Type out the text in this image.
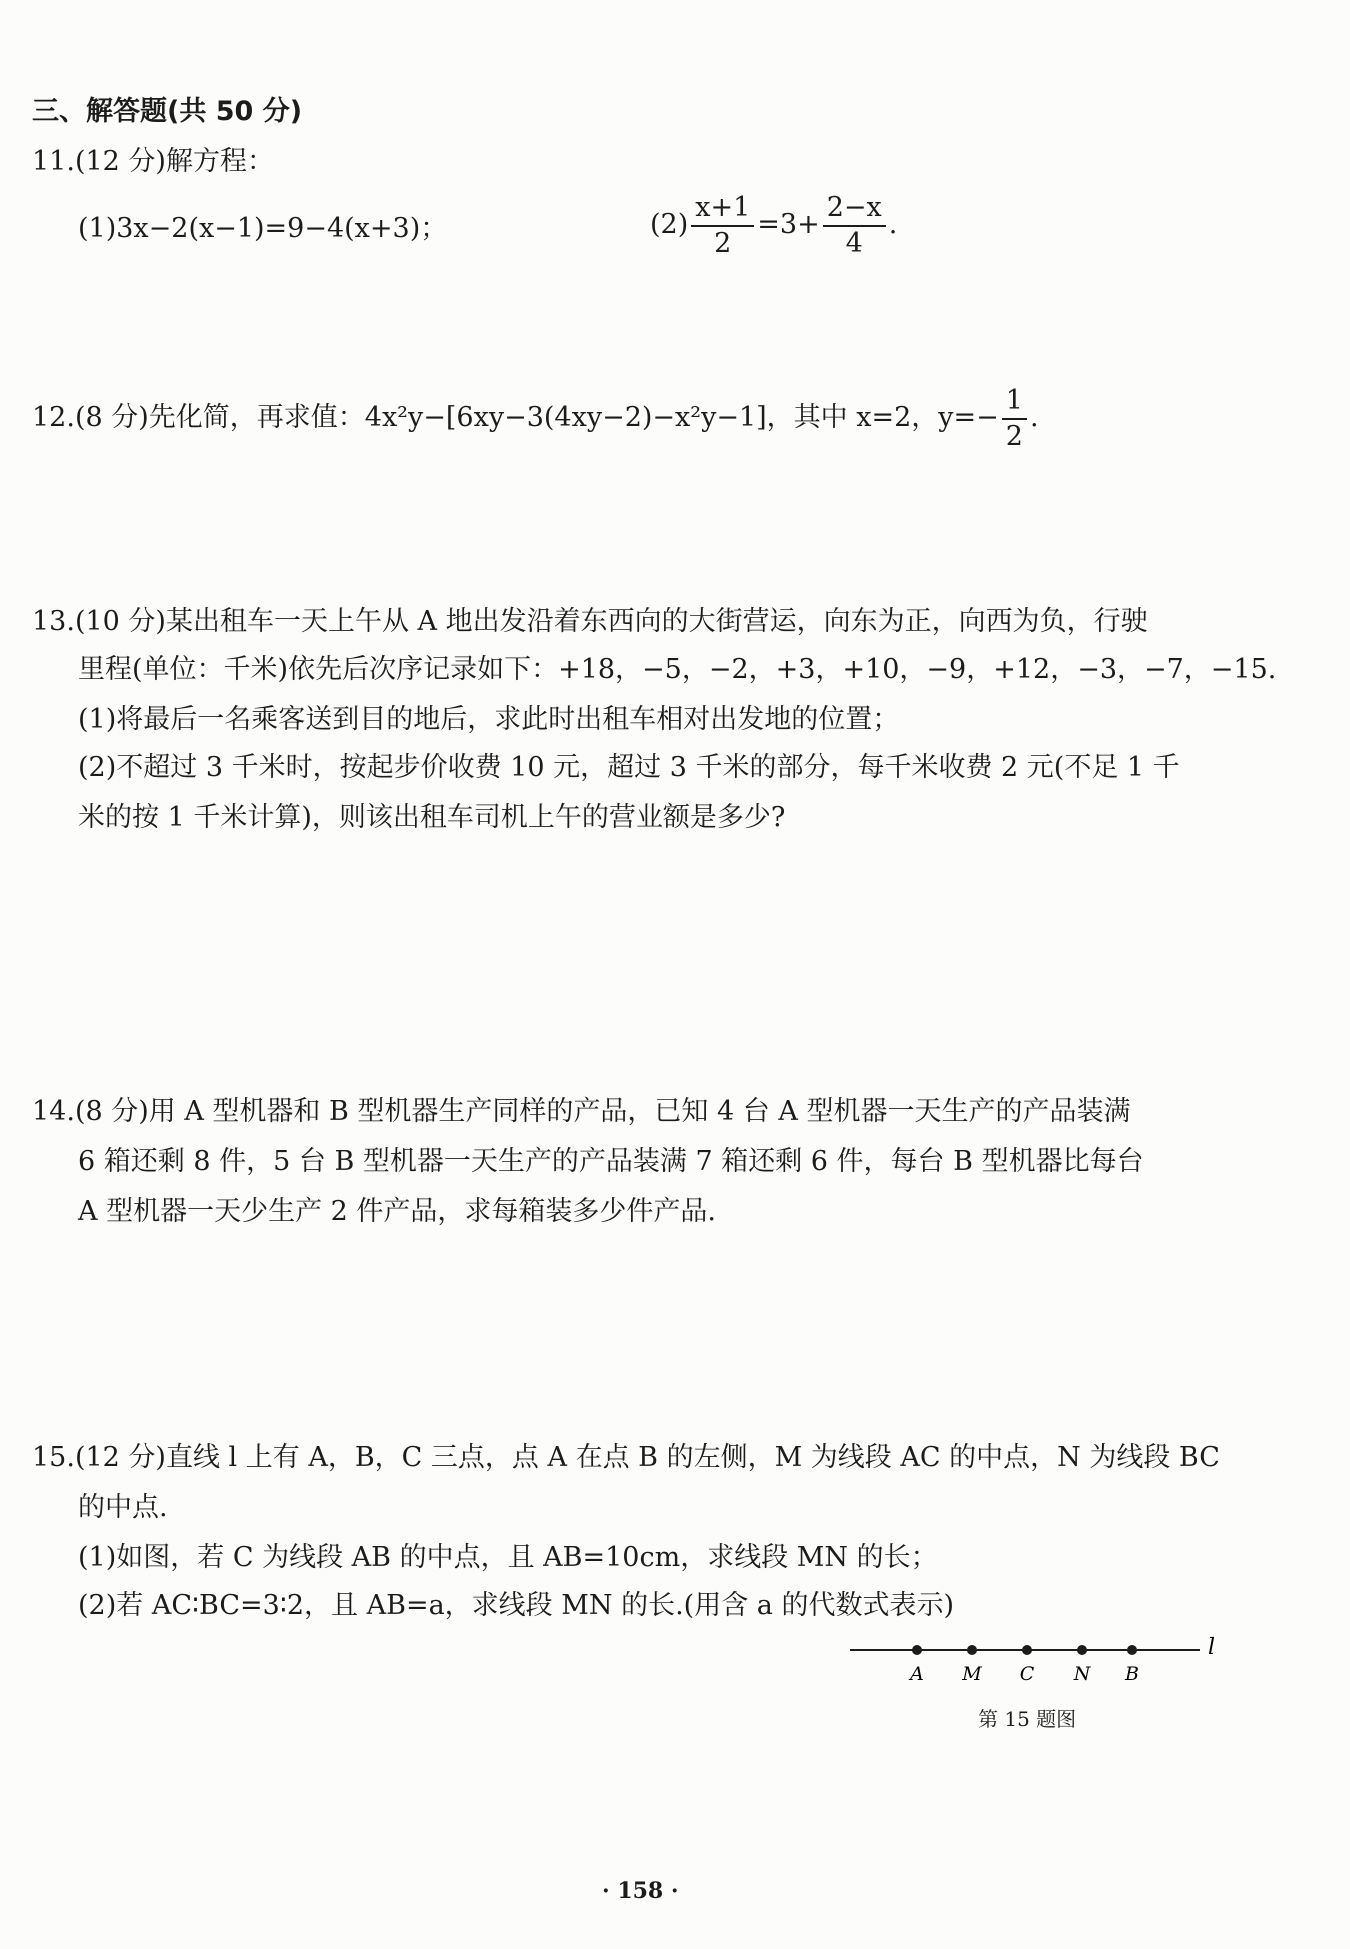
三、解答题(共 50 分)
11.(12 分)解方程：
(1)3x−2(x−1)=9−4(x+3)；	$(2) \frac{x+1}{2} =3+ \frac{2-x}{4}$ .
12.(8 分)先化简，再求值：4x²y−[6xy−3(4xy−2)−x²y−1]，其中 x=2，$y=- \frac{1}{2}$ .
13.(10 分)某出租车一天上午从 A 地出发沿着东西向的大街营运，向东为正，向西为负，行驶
里程(单位：千米)依先后次序记录如下：+18，−5，−2，+3，+10，−9，+12，−3，−7，−15.
(1)将最后一名乘客送到目的地后，求此时出租车相对出发地的位置；
(2)不超过 3 千米时，按起步价收费 10 元，超过 3 千米的部分，每千米收费 2 元(不足 1 千
米的按 1 千米计算)，则该出租车司机上午的营业额是多少?
14.(8 分)用 A 型机器和 B 型机器生产同样的产品，已知 4 台 A 型机器一天生产的产品装满
6 箱还剩 8 件，5 台 B 型机器一天生产的产品装满 7 箱还剩 6 件，每台 B 型机器比每台
A 型机器一天少生产 2 件产品，求每箱装多少件产品.
15.(12 分)直线 l 上有 A，B，C 三点，点 A 在点 B 的左侧，M 为线段 AC 的中点，N 为线段 BC
的中点.
(1)如图，若 C 为线段 AB 的中点，且 AB=10cm，求线段 MN 的长；
(2)若 AC∶BC=3∶2，且 AB=a，求线段 MN 的长.(用含 a 的代数式表示)
l
A M C N B
第 15 题图
· 158 ·
